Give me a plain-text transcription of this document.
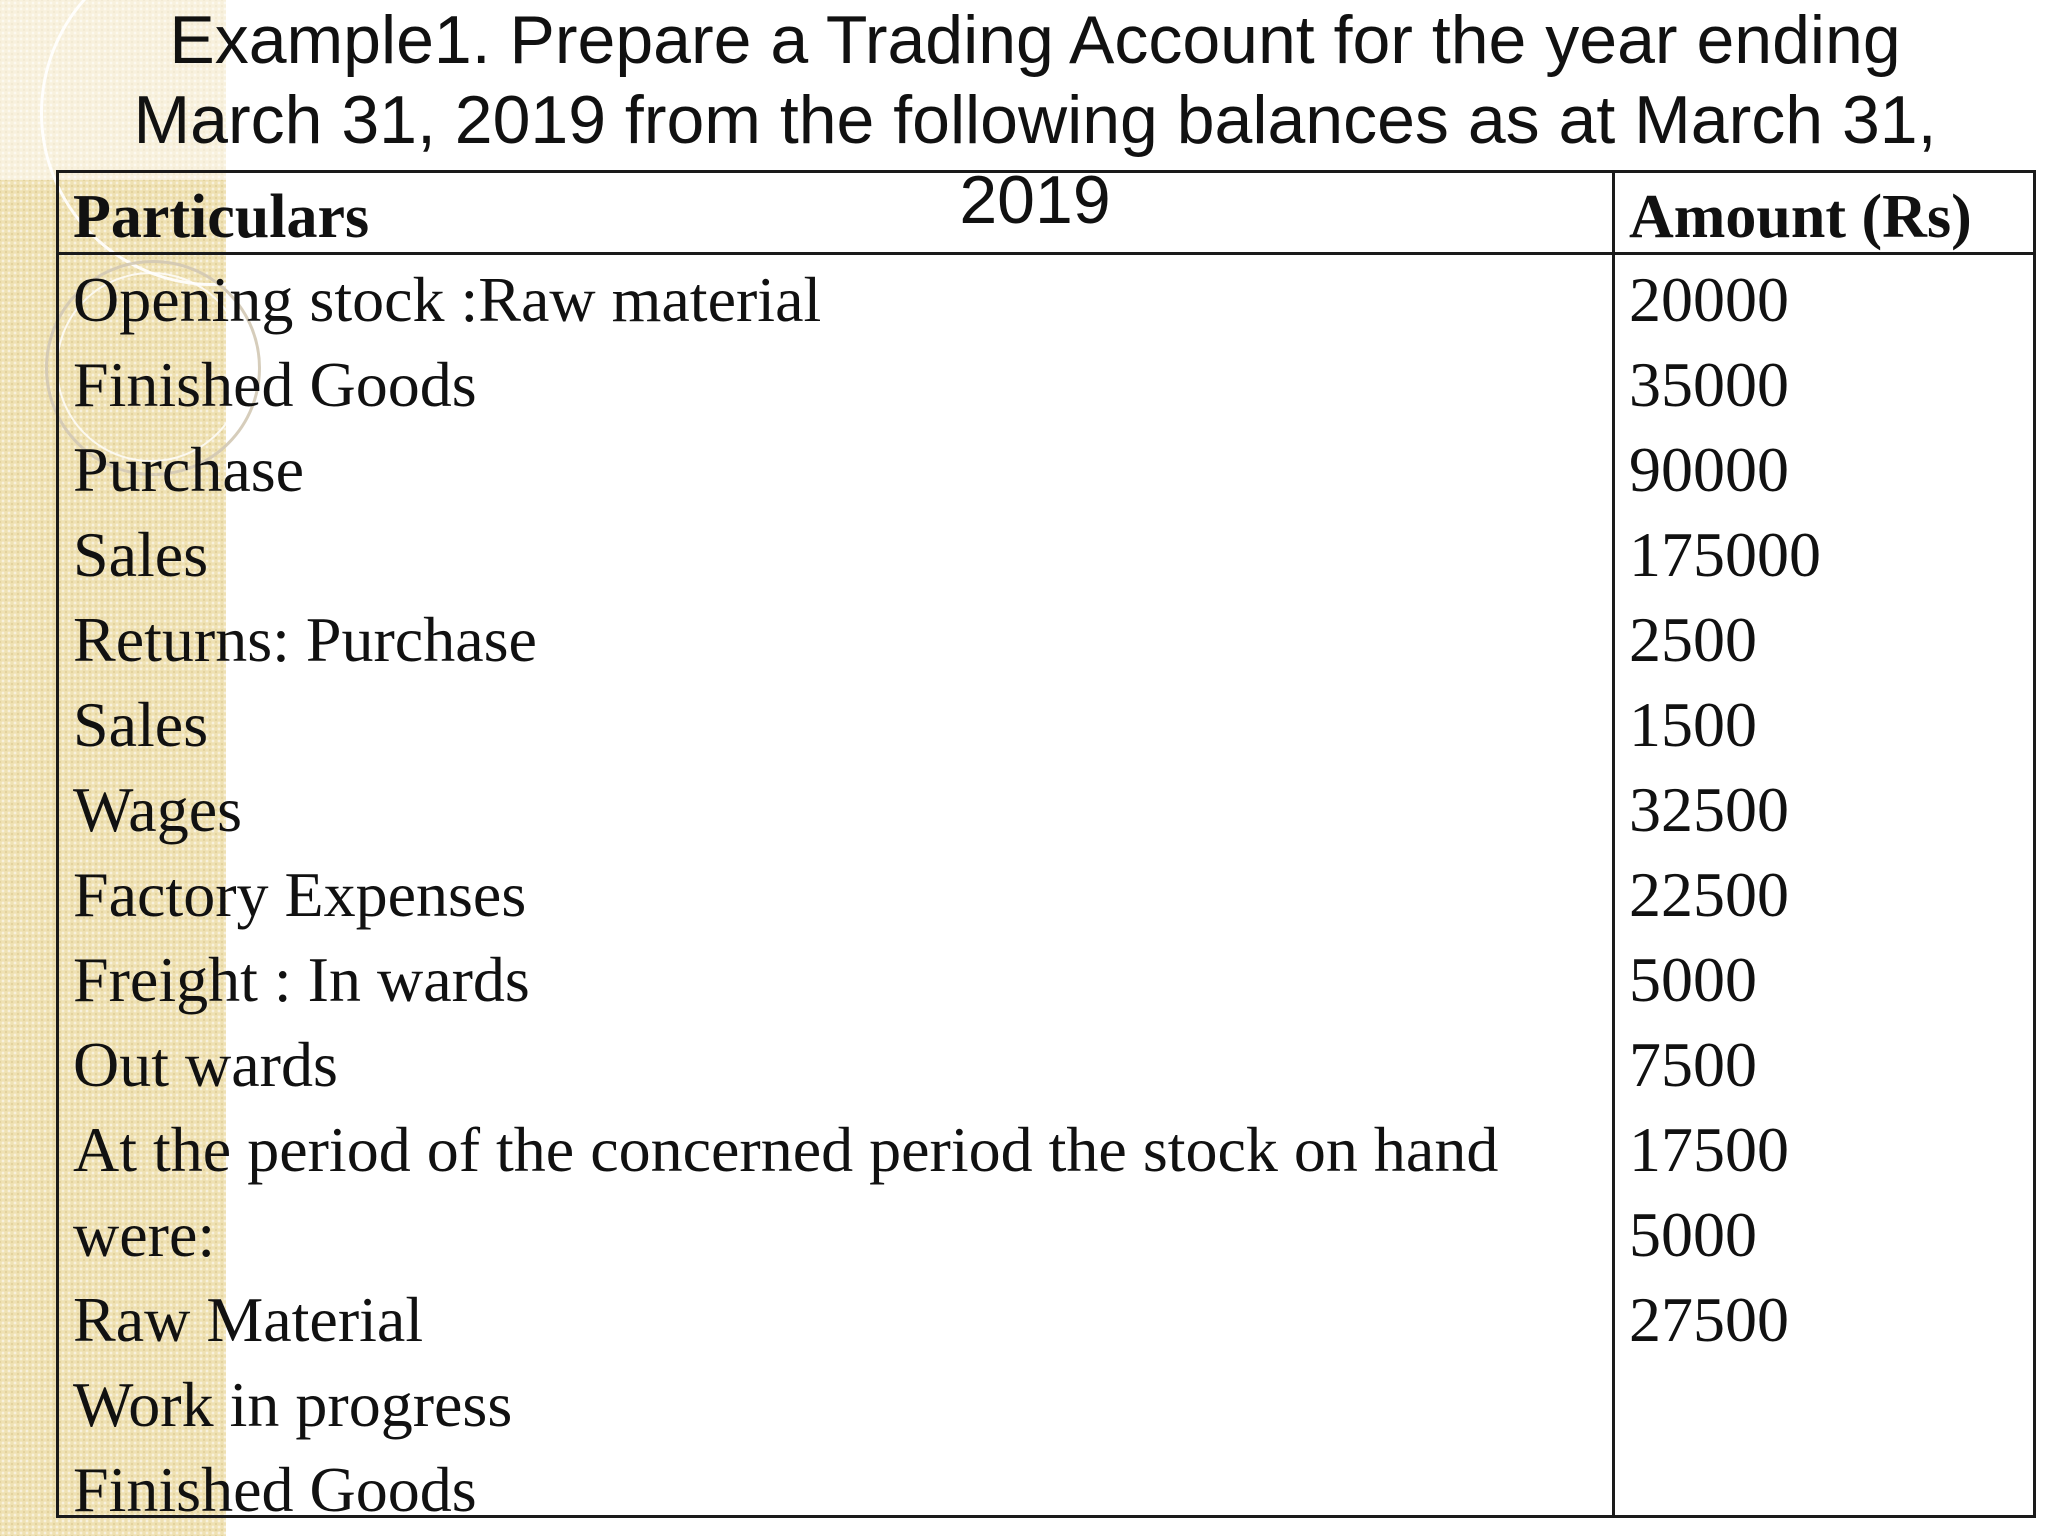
Example1. Prepare a Trading Account for the year ending
March 31, 2019 from the following balances as at March 31,
2019
Particulars	Amount (Rs)
Opening stock :Raw material
Finished Goods
Purchase
Sales
Returns: Purchase
Sales
Wages
Factory Expenses
Freight : In wards
Out wards
At the period of the concerned period the stock on hand
were:
Raw Material
Work in progress
Finished Goods
20000
35000
90000
175000
2500
1500
32500
22500
5000
7500
17500
5000
27500
